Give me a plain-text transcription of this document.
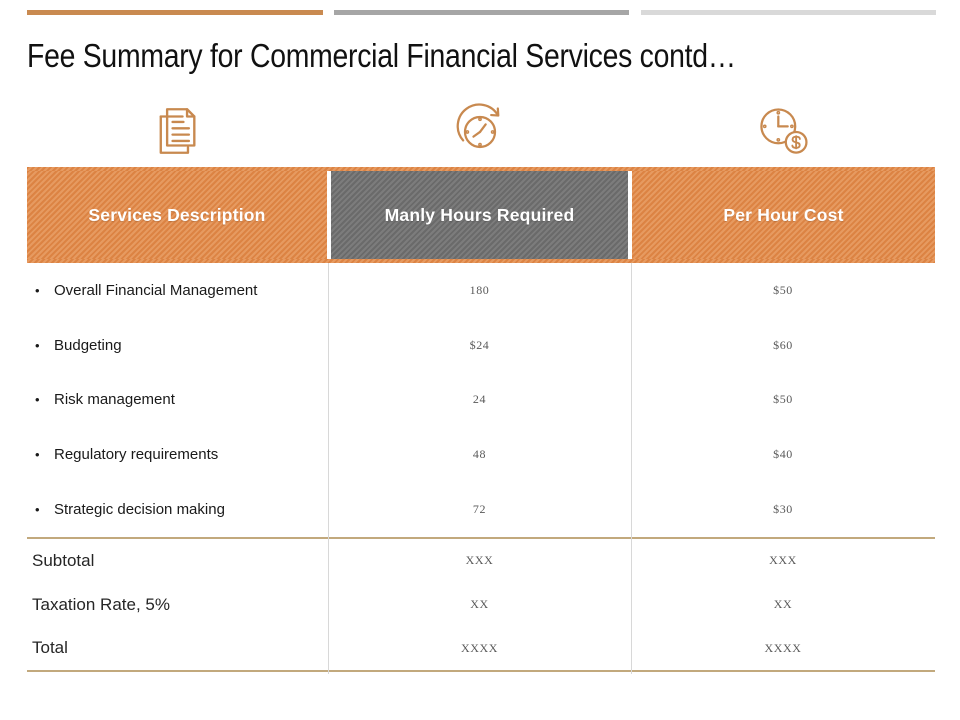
Fee Summary for Commercial Financial Services contd…
Services Description	Manly Hours Required	Per Hour Cost
• Overall Financial Management	180	$50
• Budgeting	$24	$60
• Risk management	24	$50
• Regulatory requirements	48	$40
• Strategic decision making	72	$30
Subtotal	XXX	XXX
Taxation Rate, 5%	XX	XX
Total	XXXX	XXXX
